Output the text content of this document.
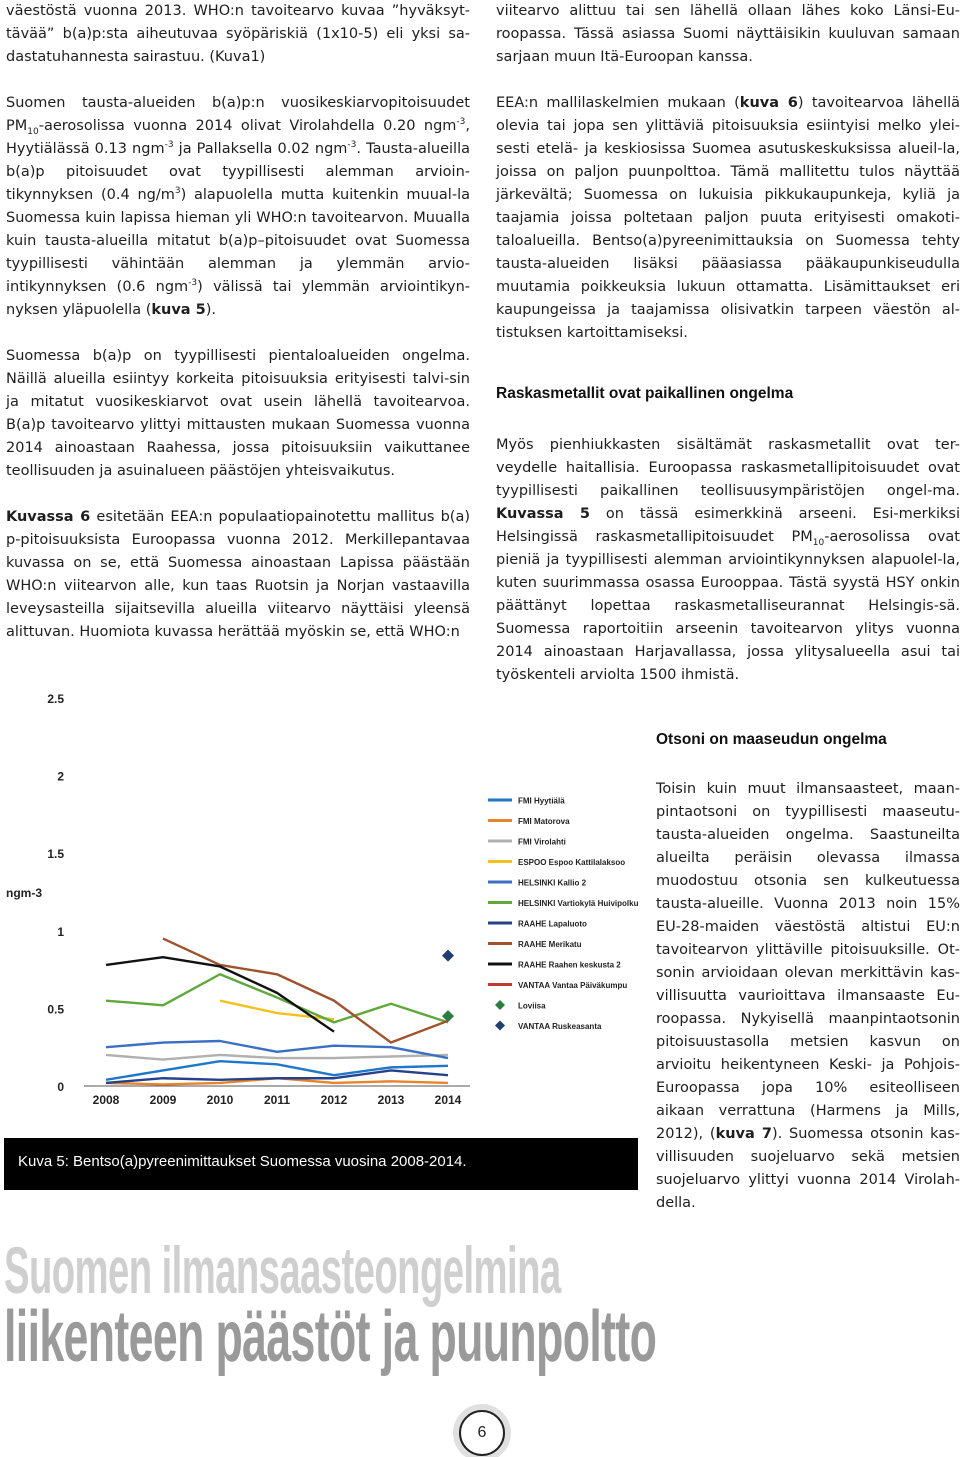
väestöstä vuonna 2013. WHO:n tavoitearvo kuvaa ”hyväksyt-tävää” b(a)p:sta aiheutuvaa syöpäriskiä (1x10-5) eli yksi sa-dastatuhannesta sairastuu. (Kuva1)

Suomen tausta-alueiden b(a)p:n vuosikeskiarvopitoisuudet $PM_{10}$-aerosolissa vuonna 2014 olivat Virolahdella 0.20 ngm$^{-3}$, Hyytiälässä 0.13 ngm$^{-3}$ ja Pallaksella 0.02 ngm$^{-3}$. Tausta-alueilla b(a)p pitoisuudet ovat tyypillisesti alemman arvioin-tikynnyksen (0.4 $ng/m^3$) alapuolella mutta kuitenkin muual-la Suomessa kuin lapissa hieman yli WHO:n tavoitearvon. Muualla kuin tausta-alueilla mitatut b(a)p–pitoisuudet ovat Suomessa tyypillisesti vähintään alemman ja ylemmän arvio-intikynnyksen (0.6 ngm$^{-3}$) välissä tai ylemmän arviointikyn-nyksen yläpuolella (kuva 5).

Suomessa b(a)p on tyypillisesti pientaloalueiden ongelma. Näillä alueilla esiintyy korkeita pitoisuuksia erityisesti talvi-sin ja mitatut vuosikeskiarvot ovat usein lähellä tavoitearvoa. B(a)p tavoitearvo ylittyi mittausten mukaan Suomessa vuonna 2014 ainoastaan Raahessa, jossa pitoisuuksiin vaikuttanee teollisuuden ja asuinalueen päästöjen yhteisvaikutus.

Kuvassa 6 esitetään EEA:n populaatiopainotettu mallitus b(a) p-pitoisuuksista Euroopassa vuonna 2012. Merkillepantavaa kuvassa on se, että Suomessa ainoastaan Lapissa päästään WHO:n viitearvon alle, kun taas Ruotsin ja Norjan vastaavilla leveysasteilla sijaitsevilla alueilla viitearvo näyttäisi yleensä alittuvan. Huomiota kuvassa herättää myöskin se, että WHO:n

viitearvo alittuu tai sen lähellä ollaan lähes koko Länsi-Eu-roopassa. Tässä asiassa Suomi näyttäisikin kuuluvan samaan sarjaan muun Itä-Euroopan kanssa.

EEA:n mallilaskelmien mukaan (kuva 6) tavoitearvoa lähellä olevia tai jopa sen ylittäviä pitoisuuksia esiintyisi melko ylei-sesti etelä- ja keskiosissa Suomea asutuskeskuksissa alueil-la, joissa on paljon puunpolttoa. Tämä mallitettu tulos näyttää järkevältä; Suomessa on lukuisia pikkukaupunkeja, kyliä ja taajamia joissa poltetaan paljon puuta erityisesti omakoti-taloalueilla. Bentso(a)pyreenimittauksia on Suomessa tehty tausta-alueiden lisäksi pääasiassa pääkaupunkiseudulla muutamia poikkeuksia lukuun ottamatta. Lisämittaukset eri kaupungeissa ja taajamissa olisivatkin tarpeen väestön al-tistuksen kartoittamiseksi.

Raskasmetallit ovat paikallinen ongelma

Myös pienhiukkasten sisältämät raskasmetallit ovat ter-veydelle haitallisia. Euroopassa raskasmetallipitoisuudet ovat tyypillisesti paikallinen teollisuusympäristöjen ongel-ma. Kuvassa 5 on tässä esimerkkinä arseeni. Esi-merkiksi Helsingissä raskasmetallipitoisuudet $PM_{10}$-aerosolissa ovat pieniä ja tyypillisesti alemman arviointikynnyksen alapuolel-la, kuten suurimmassa osassa Eurooppaa. Tästä syystä HSY onkin päättänyt lopettaa raskasmetalliseurannat Helsingis-sä. Suomessa raportoitiin arseenin tavoitearvon ylitys vuonna 2014 ainoastaan Harjavallassa, jossa ylitysalueella asui tai työskenteli arviolta 1500 ihmistä.

Otsoni on maaseudun ongelma
Toisin kuin muut ilmansaasteet, maan-pintaotsoni on tyypillisesti maaseutu-tausta-alueiden ongelma. Saastuneilta alueilta peräisin olevassa ilmassa muodostuu otsonia sen kulkeutuessa tausta-alueille. Vuonna 2013 noin 15% EU-28-maiden väestöstä altistui EU:n tavoitearvon ylittäville pitoisuuksille. Ot-sonin arvioidaan olevan merkittävin kas-villisuutta vaurioittava ilmansaaste Eu-roopassa. Nykyisellä maanpintaotsonin pitoisuustasolla metsien kasvun on arvioitu heikentyneen Keski- ja Pohjois-Euroopassa jopa 10% esiteolliseen aikaan verrattuna (Harmens ja Mills, 2012), (kuva 7). Suomessa otsonin kas-villisuuden suojeluarvo sekä metsien suojeluarvo ylittyi vuonna 2014 Virolah-della.
0
0.5
1
1.5
2
2.5
ngm-3
2008	2009	2010	2011	2012	2013	2014
FMI Hyytiälä
FMI Matorova
FMI Virolahti
ESPOO Espoo Kattilalaksoo
HELSINKI Kallio 2
HELSINKI Vartiokylä Huivipolku
RAAHE Lapaluoto
RAAHE Merikatu
RAAHE Raahen keskusta 2
VANTAA Vantaa Päiväkumpu
Loviisa
VANTAA Ruskeasanta
Kuva 5: Bentso(a)pyreenimittaukset Suomessa vuosina 2008-2014.
Suomen ilmansaasteongelmina
liikenteen päästöt ja puunpoltto
6
